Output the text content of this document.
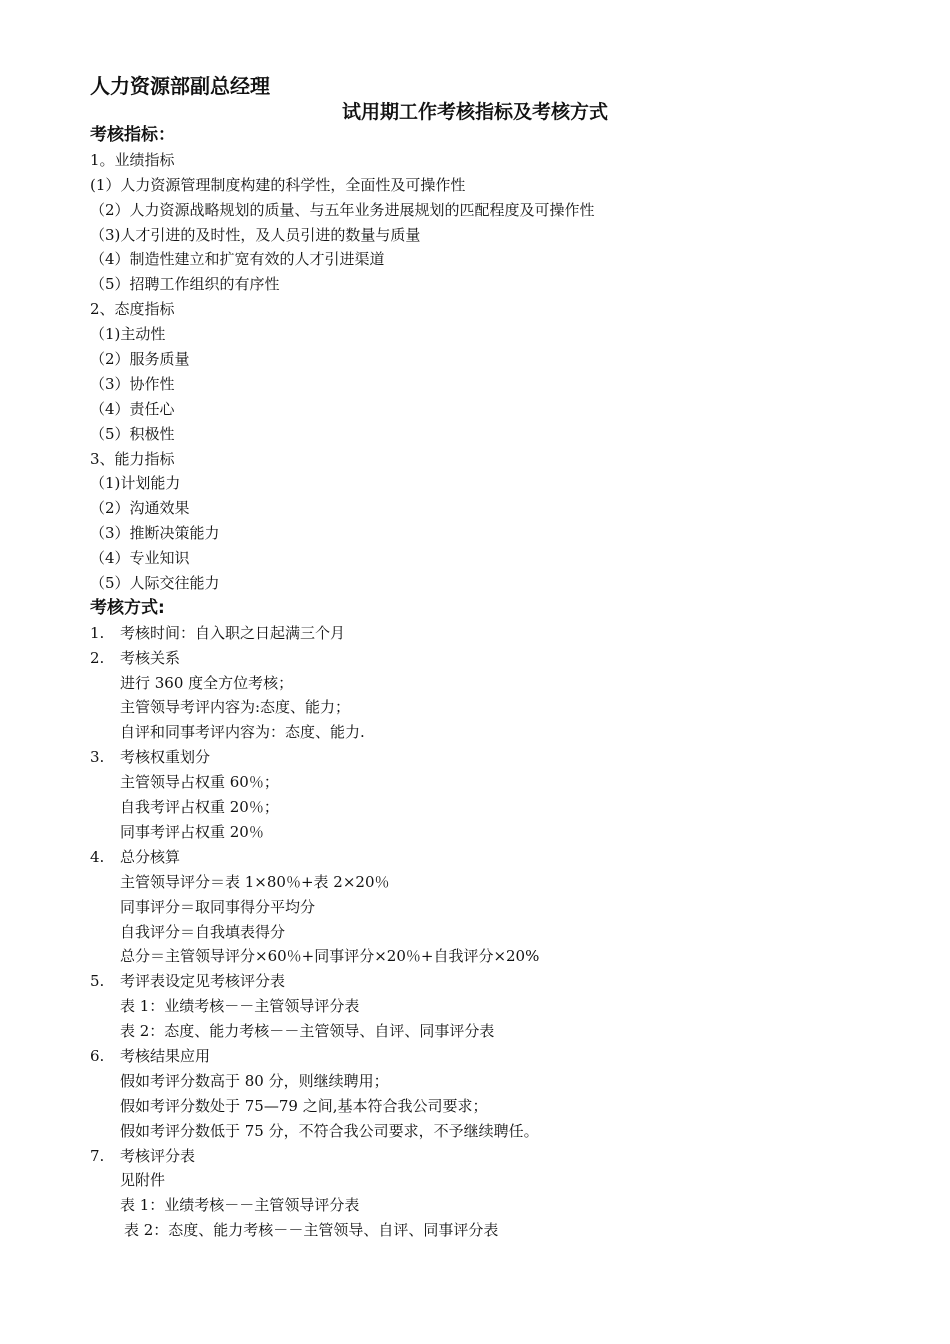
人力资源部副总经理
试用期工作考核指标及考核方式
考核指标：
1。业绩指标
(1）人力资源管理制度构建的科学性，全面性及可操作性
（2）人力资源战略规划的质量、与五年业务进展规划的匹配程度及可操作性
（3)人才引进的及时性，及人员引进的数量与质量
（4）制造性建立和扩宽有效的人才引进渠道
（5）招聘工作组织的有序性
2、态度指标
（1)主动性
（2）服务质量
（3）协作性
（4）责任心
（5）积极性
3、能力指标
（1)计划能力
（2）沟通效果
（3）推断决策能力
（4）专业知识
（5）人际交往能力
考核方式:
1. 考核时间：自入职之日起满三个月
2. 考核关系
进行 360 度全方位考核；
主管领导考评内容为:态度、能力；
自评和同事考评内容为：态度、能力.
3. 考核权重划分
主管领导占权重 60％；
自我考评占权重 20％；
同事考评占权重 20％
4. 总分核算
主管领导评分＝表 1×80％+表 2×20％
同事评分＝取同事得分平均分
自我评分＝自我填表得分
总分＝主管领导评分×60％+同事评分×20％+自我评分×20%
5. 考评表设定见考核评分表
表 1：业绩考核－－主管领导评分表
表 2：态度、能力考核－－主管领导、自评、同事评分表
6. 考核结果应用
假如考评分数高于 80 分，则继续聘用；
假如考评分数处于 75—79 之间,基本符合我公司要求；
假如考评分数低于 75 分，不符合我公司要求，不予继续聘任。
7. 考核评分表
见附件
表 1：业绩考核－－主管领导评分表
表 2：态度、能力考核－－主管领导、自评、同事评分表
